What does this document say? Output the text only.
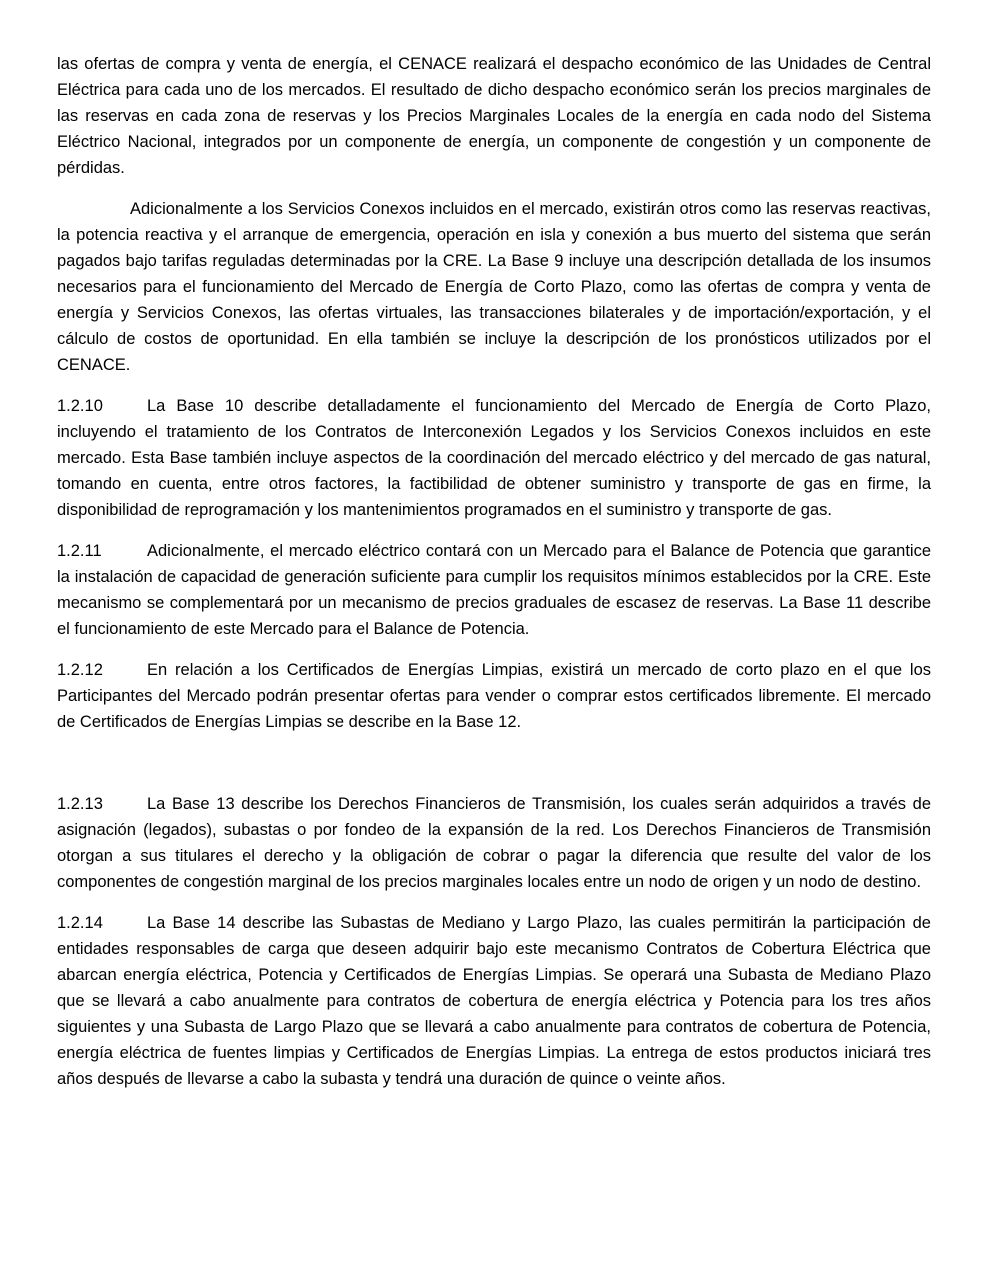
las ofertas de compra y venta de energía, el CENACE realizará el despacho económico de las Unidades de Central Eléctrica para cada uno de los mercados. El resultado de dicho despacho económico serán los precios marginales de las reservas en cada zona de reservas y los Precios Marginales Locales de la energía en cada nodo del Sistema Eléctrico Nacional, integrados por un componente de energía, un componente de congestión y un componente de pérdidas.

Adicionalmente a los Servicios Conexos incluidos en el mercado, existirán otros como las reservas reactivas, la potencia reactiva y el arranque de emergencia, operación en isla y conexión a bus muerto del sistema que serán pagados bajo tarifas reguladas determinadas por la CRE. La Base 9 incluye una descripción detallada de los insumos necesarios para el funcionamiento del Mercado de Energía de Corto Plazo, como las ofertas de compra y venta de energía y Servicios Conexos, las ofertas virtuales, las transacciones bilaterales y de importación/exportación, y el cálculo de costos de oportunidad. En ella también se incluye la descripción de los pronósticos utilizados por el CENACE.

1.2.10	La Base 10 describe detalladamente el funcionamiento del Mercado de Energía de Corto Plazo, incluyendo el tratamiento de los Contratos de Interconexión Legados y los Servicios Conexos incluidos en este mercado. Esta Base también incluye aspectos de la coordinación del mercado eléctrico y del mercado de gas natural, tomando en cuenta, entre otros factores, la factibilidad de obtener suministro y transporte de gas en firme, la disponibilidad de reprogramación y los mantenimientos programados en el suministro y transporte de gas.

1.2.11	Adicionalmente, el mercado eléctrico contará con un Mercado para el Balance de Potencia que garantice la instalación de capacidad de generación suficiente para cumplir los requisitos mínimos establecidos por la CRE. Este mecanismo se complementará por un mecanismo de precios graduales de escasez de reservas. La Base 11 describe el funcionamiento de este Mercado para el Balance de Potencia.

1.2.12	En relación a los Certificados de Energías Limpias, existirá un mercado de corto plazo en el que los Participantes del Mercado podrán presentar ofertas para vender o comprar estos certificados libremente. El mercado de Certificados de Energías Limpias se describe en la Base 12.

1.2.13	La Base 13 describe los Derechos Financieros de Transmisión, los cuales serán adquiridos a través de asignación (legados), subastas o por fondeo de la expansión de la red. Los Derechos Financieros de Transmisión otorgan a sus titulares el derecho y la obligación de cobrar o pagar la diferencia que resulte del valor de los componentes de congestión marginal de los precios marginales locales entre un nodo de origen y un nodo de destino.

1.2.14	La Base 14 describe las Subastas de Mediano y Largo Plazo, las cuales permitirán la participación de entidades responsables de carga que deseen adquirir bajo este mecanismo Contratos de Cobertura Eléctrica que abarcan energía eléctrica, Potencia y Certificados de Energías Limpias. Se operará una Subasta de Mediano Plazo que se llevará a cabo anualmente para contratos de cobertura de energía eléctrica y Potencia para los tres años siguientes y una Subasta de Largo Plazo que se llevará a cabo anualmente para contratos de cobertura de Potencia, energía eléctrica de fuentes limpias y Certificados de Energías Limpias. La entrega de estos productos iniciará tres años después de llevarse a cabo la subasta y tendrá una duración de quince o veinte años.
